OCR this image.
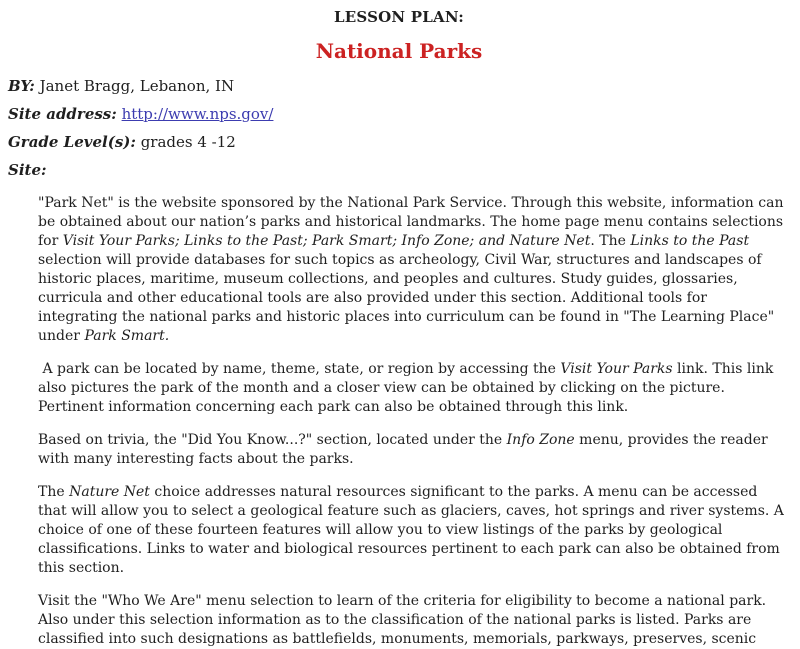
LESSON PLAN:
National Parks

BY: Janet Bragg, Lebanon, IN

Site address: http://www.nps.gov/

Grade Level(s): grades 4 -12

Site:

"Park Net" is the website sponsored by the National Park Service. Through this website, information can be obtained about our nation’s parks and historical landmarks. The home page menu contains selections for Visit Your Parks; Links to the Past; Park Smart; Info Zone; and Nature Net. The Links to the Past selection will provide databases for such topics as archeology, Civil War, structures and landscapes of historic places, maritime, museum collections, and peoples and cultures. Study guides, glossaries, curricula and other educational tools are also provided under this section. Additional tools for integrating the national parks and historic places into curriculum can be found in "The Learning Place" under Park Smart.

A park can be located by name, theme, state, or region by accessing the Visit Your Parks link. This link also pictures the park of the month and a closer view can be obtained by clicking on the picture. Pertinent information concerning each park can also be obtained through this link.

Based on trivia, the "Did You Know...?" section, located under the Info Zone menu, provides the reader with many interesting facts about the parks.

The Nature Net choice addresses natural resources significant to the parks. A menu can be accessed that will allow you to select a geological feature such as glaciers, caves, hot springs and river systems. A choice of one of these fourteen features will allow you to view listings of the parks by geological classifications. Links to water and biological resources pertinent to each park can also be obtained from this section.

Visit the "Who We Are" menu selection to learn of the criteria for eligibility to become a national park. Also under this selection information as to the classification of the national parks is listed. Parks are classified into such designations as battlefields, monuments, memorials, parkways, preserves, scenic
